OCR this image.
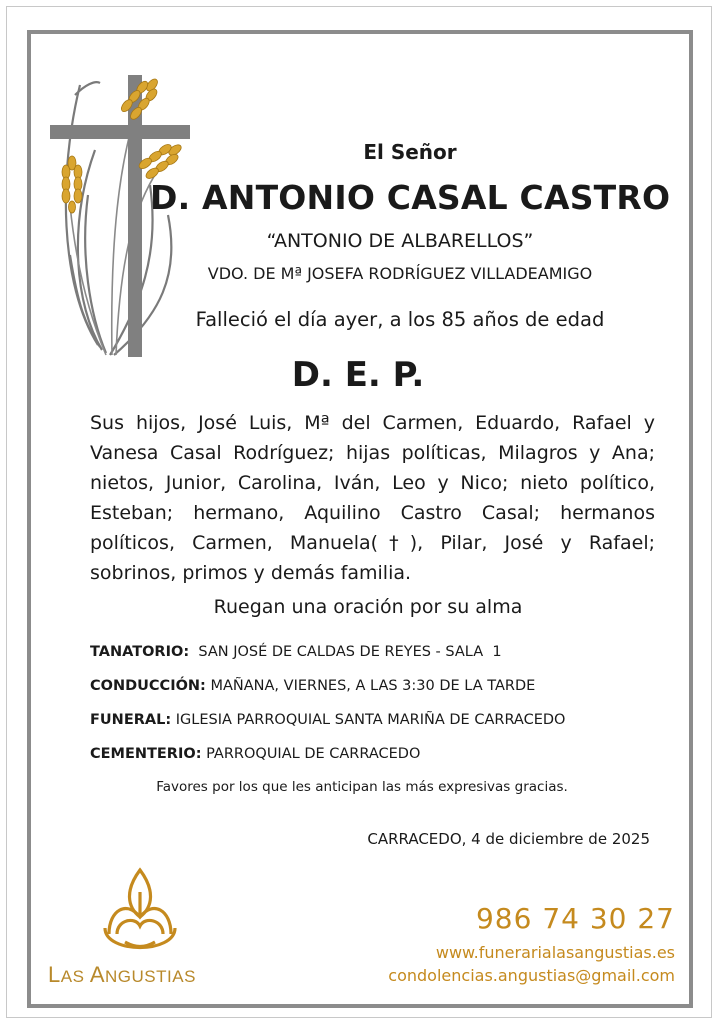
El Señor
D. ANTONIO CASAL CASTRO
“ANTONIO DE ALBARELLOS”
VDO. DE Mª JOSEFA RODRÍGUEZ VILLADEAMIGO
Falleció el día ayer, a los 85 años de edad
D. E. P.
Sus hijos, José Luis, Mª del Carmen, Eduardo, Rafael y Vanesa Casal Rodríguez; hijas políticas, Milagros y Ana; nietos, Junior, Carolina, Iván, Leo y Nico; nieto político, Esteban; hermano, Aquilino Castro Casal; hermanos políticos, Carmen, Manuela(†), Pilar, José y Rafael; sobrinos, primos y demás familia.
Ruegan una oración por su alma
TANATORIO:  SAN JOSÉ DE CALDAS DE REYES - SALA  1
CONDUCCIÓN: MAÑANA, VIERNES, A LAS 3:30 DE LA TARDE
FUNERAL: IGLESIA PARROQUIAL SANTA MARIÑA DE CARRACEDO
CEMENTERIO: PARROQUIAL DE CARRACEDO
Favores por los que les anticipan las más expresivas gracias.
CARRACEDO, 4 de diciembre de 2025
LAS ANGUSTIAS
986 74 30 27
www.funerarialasangustias.es
condolencias.angustias@gmail.com
